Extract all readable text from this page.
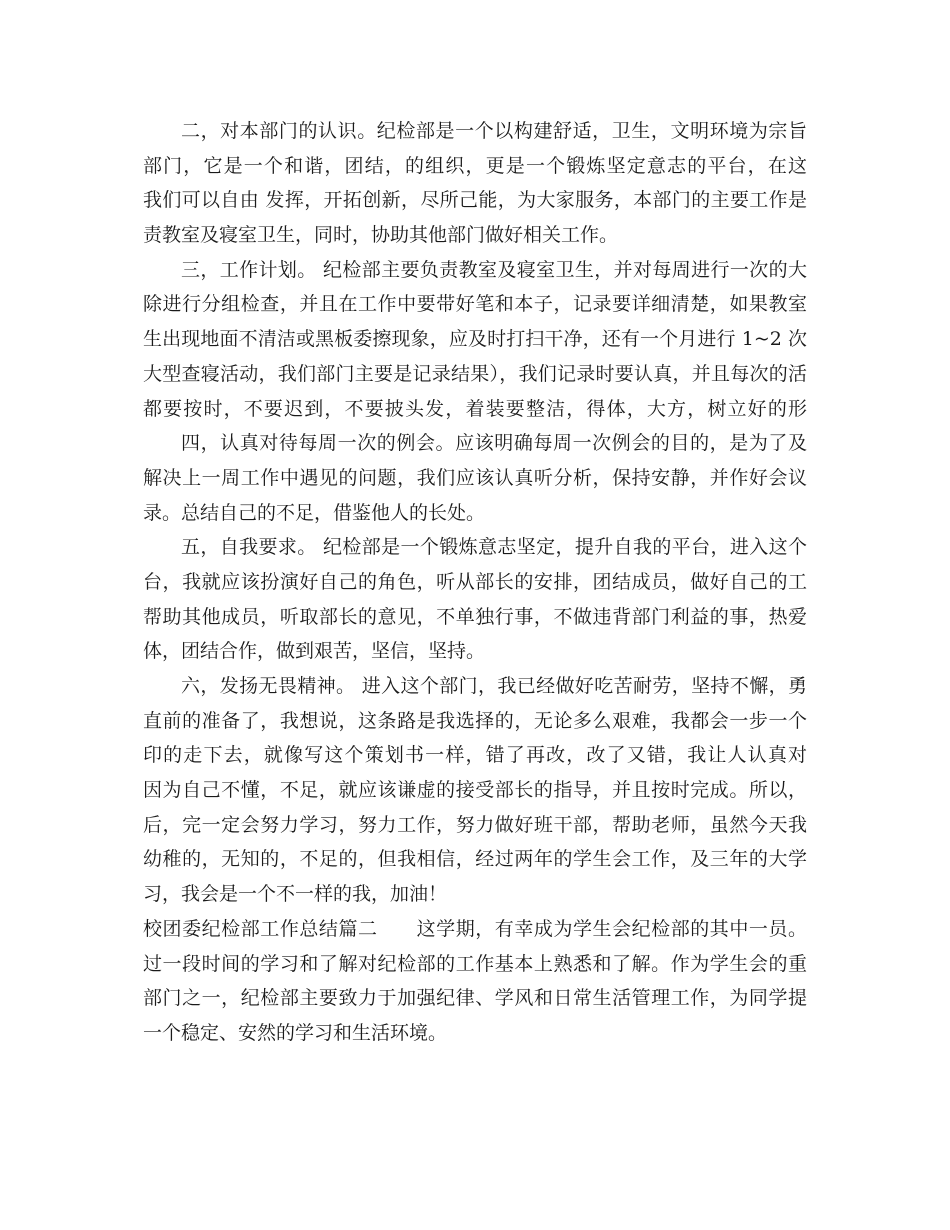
二，对本部门的认识。纪检部是一个以构建舒适，卫生，文明环境为宗旨
部门，它是一个和谐，团结，的组织，更是一个锻炼坚定意志的平台，在这
我们可以自由 发挥，开拓创新，尽所己能，为大家服务，本部门的主要工作是
责教室及寝室卫生，同时，协助其他部门做好相关工作。
三，工作计划。 纪检部主要负责教室及寝室卫生，并对每周进行一次的大
除进行分组检查，并且在工作中要带好笔和本子，记录要详细清楚，如果教室
生出现地面不清洁或黑板委擦现象，应及时打扫干净，还有一个月进行 1~2 次
大型查寝活动，我们部门主要是记录结果），我们记录时要认真，并且每次的活
都要按时，不要迟到，不要披头发，着装要整洁，得体，大方，树立好的形
四，认真对待每周一次的例会。应该明确每周一次例会的目的，是为了及
解决上一周工作中遇见的问题，我们应该认真听分析，保持安静，并作好会议
录。总结自己的不足，借鉴他人的长处。
五，自我要求。 纪检部是一个锻炼意志坚定，提升自我的平台，进入这个
台，我就应该扮演好自己的角色，听从部长的安排，团结成员，做好自己的工
帮助其他成员，听取部长的意见，不单独行事，不做违背部门利益的事，热爱
体，团结合作，做到艰苦，坚信，坚持。
六，发扬无畏精神。 进入这个部门，我已经做好吃苦耐劳，坚持不懈，勇
直前的准备了，我想说，这条路是我选择的，无论多么艰难，我都会一步一个
印的走下去，就像写这个策划书一样，错了再改，改了又错，我让人认真对
因为自己不懂，不足，就应该谦虚的接受部长的指导，并且按时完成。所以，
后，完一定会努力学习，努力工作，努力做好班干部，帮助老师，虽然今天我
幼稚的，无知的，不足的，但我相信，经过两年的学生会工作，及三年的大学
习，我会是一个不一样的我，加油！
校团委纪检部工作总结篇二　　这学期，有幸成为学生会纪检部的其中一员。
过一段时间的学习和了解对纪检部的工作基本上熟悉和了解。作为学生会的重
部门之一，纪检部主要致力于加强纪律、学风和日常生活管理工作，为同学提
一个稳定、安然的学习和生活环境。
